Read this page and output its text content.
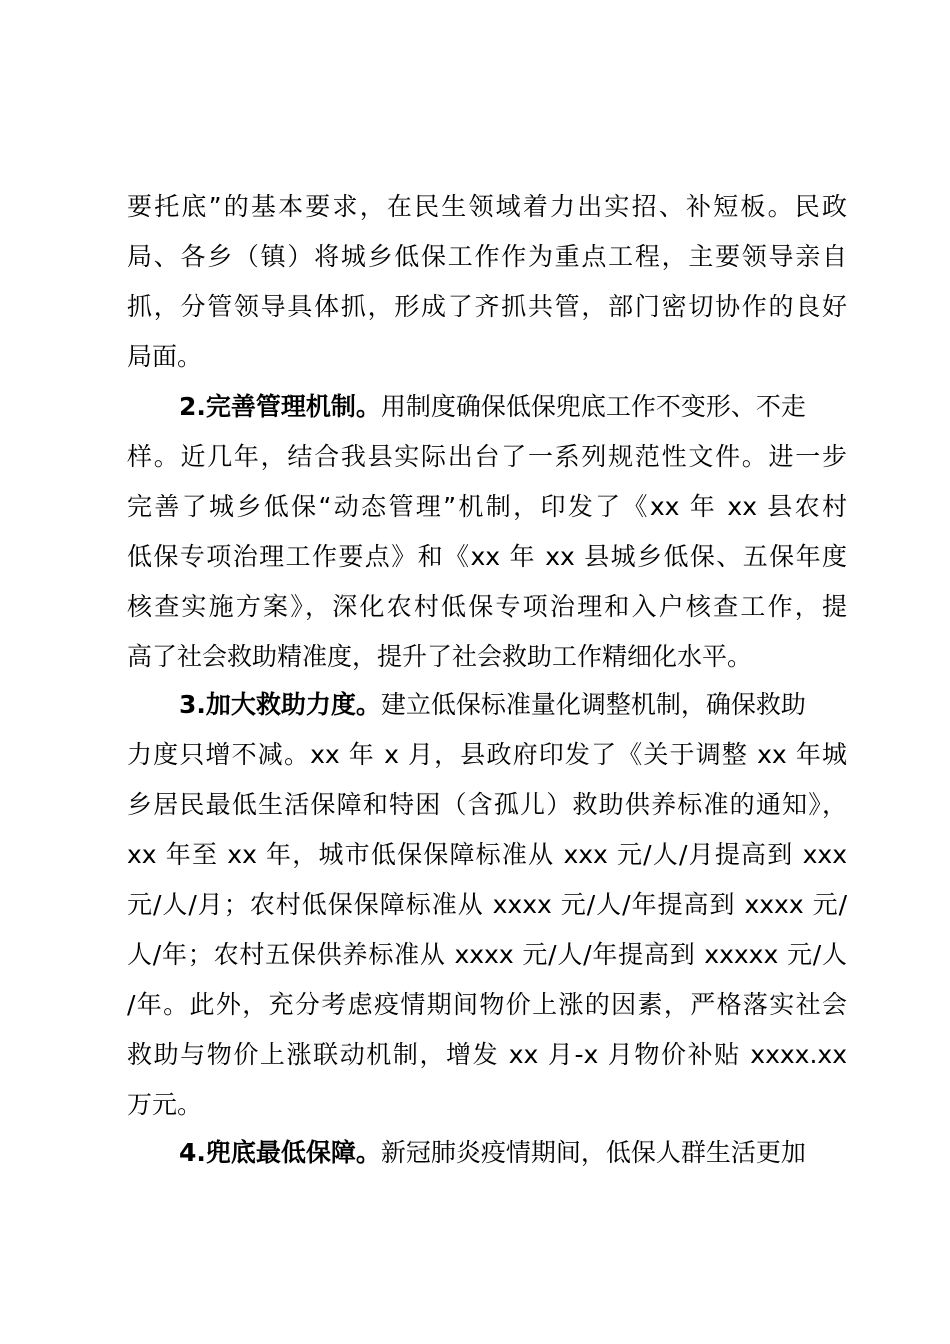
要托底”的基本要求，在民生领域着力出实招、补短板。民政
局、各乡（镇）将城乡低保工作作为重点工程，主要领导亲自
抓，分管领导具体抓，形成了齐抓共管，部门密切协作的良好
局面。
2.完善管理机制。用制度确保低保兜底工作不变形、不走
样。近几年，结合我县实际出台了一系列规范性文件。进一步
完善了城乡低保“动态管理”机制，印发了《xx 年 xx 县农村
低保专项治理工作要点》和《xx 年 xx 县城乡低保、五保年度
核查实施方案》，深化农村低保专项治理和入户核查工作，提
高了社会救助精准度，提升了社会救助工作精细化水平。
3.加大救助力度。建立低保标准量化调整机制，确保救助
力度只增不减。xx 年 x 月，县政府印发了《关于调整 xx 年城
乡居民最低生活保障和特困（含孤儿）救助供养标准的通知》，
xx 年至 xx 年，城市低保保障标准从 xxx 元/人/月提高到 xxx
元/人/月；农村低保保障标准从 xxxx 元/人/年提高到 xxxx 元/
人/年；农村五保供养标准从 xxxx 元/人/年提高到 xxxxx 元/人
/年。此外，充分考虑疫情期间物价上涨的因素，严格落实社会
救助与物价上涨联动机制，增发 xx 月-x 月物价补贴 xxxx.xx
万元。
4.兜底最低保障。新冠肺炎疫情期间，低保人群生活更加
